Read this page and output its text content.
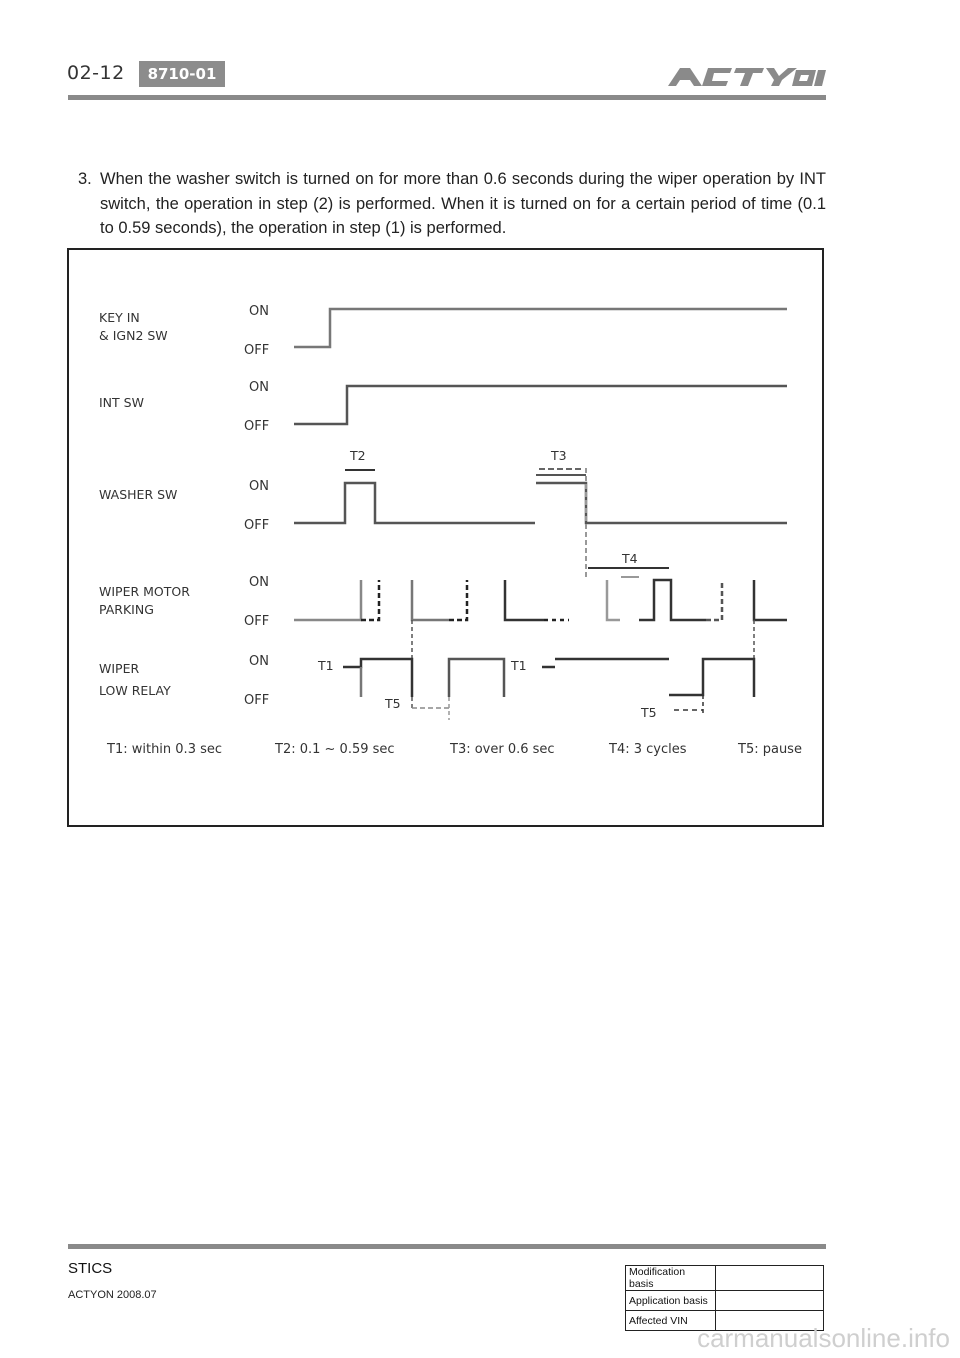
02-12	8710-01
3. When the washer switch is turned on for more than 0.6 seconds during the wiper operation by INT switch, the operation in step (2) is performed. When it is turned on for a certain period of time (0.1 to 0.59 seconds), the operation in step (1) is performed.
KEY IN
& IGN2 SW
INT SW
WASHER SW
WIPER MOTOR
PARKING
WIPER
LOW RELAY
ON
OFF
ON
OFF
ON
OFF
ON
OFF
ON
OFF
T2	T3
T4
T1	T1
T5
T5
T1: within 0.3 sec	T2: 0.1 ~ 0.59 sec	T3: over 0.6 sec	T4: 3 cycles	T5: pause
STICS
ACTYON 2008.07
Modification basis	
Application basis	
Affected VIN	
carmanualsonline.info
